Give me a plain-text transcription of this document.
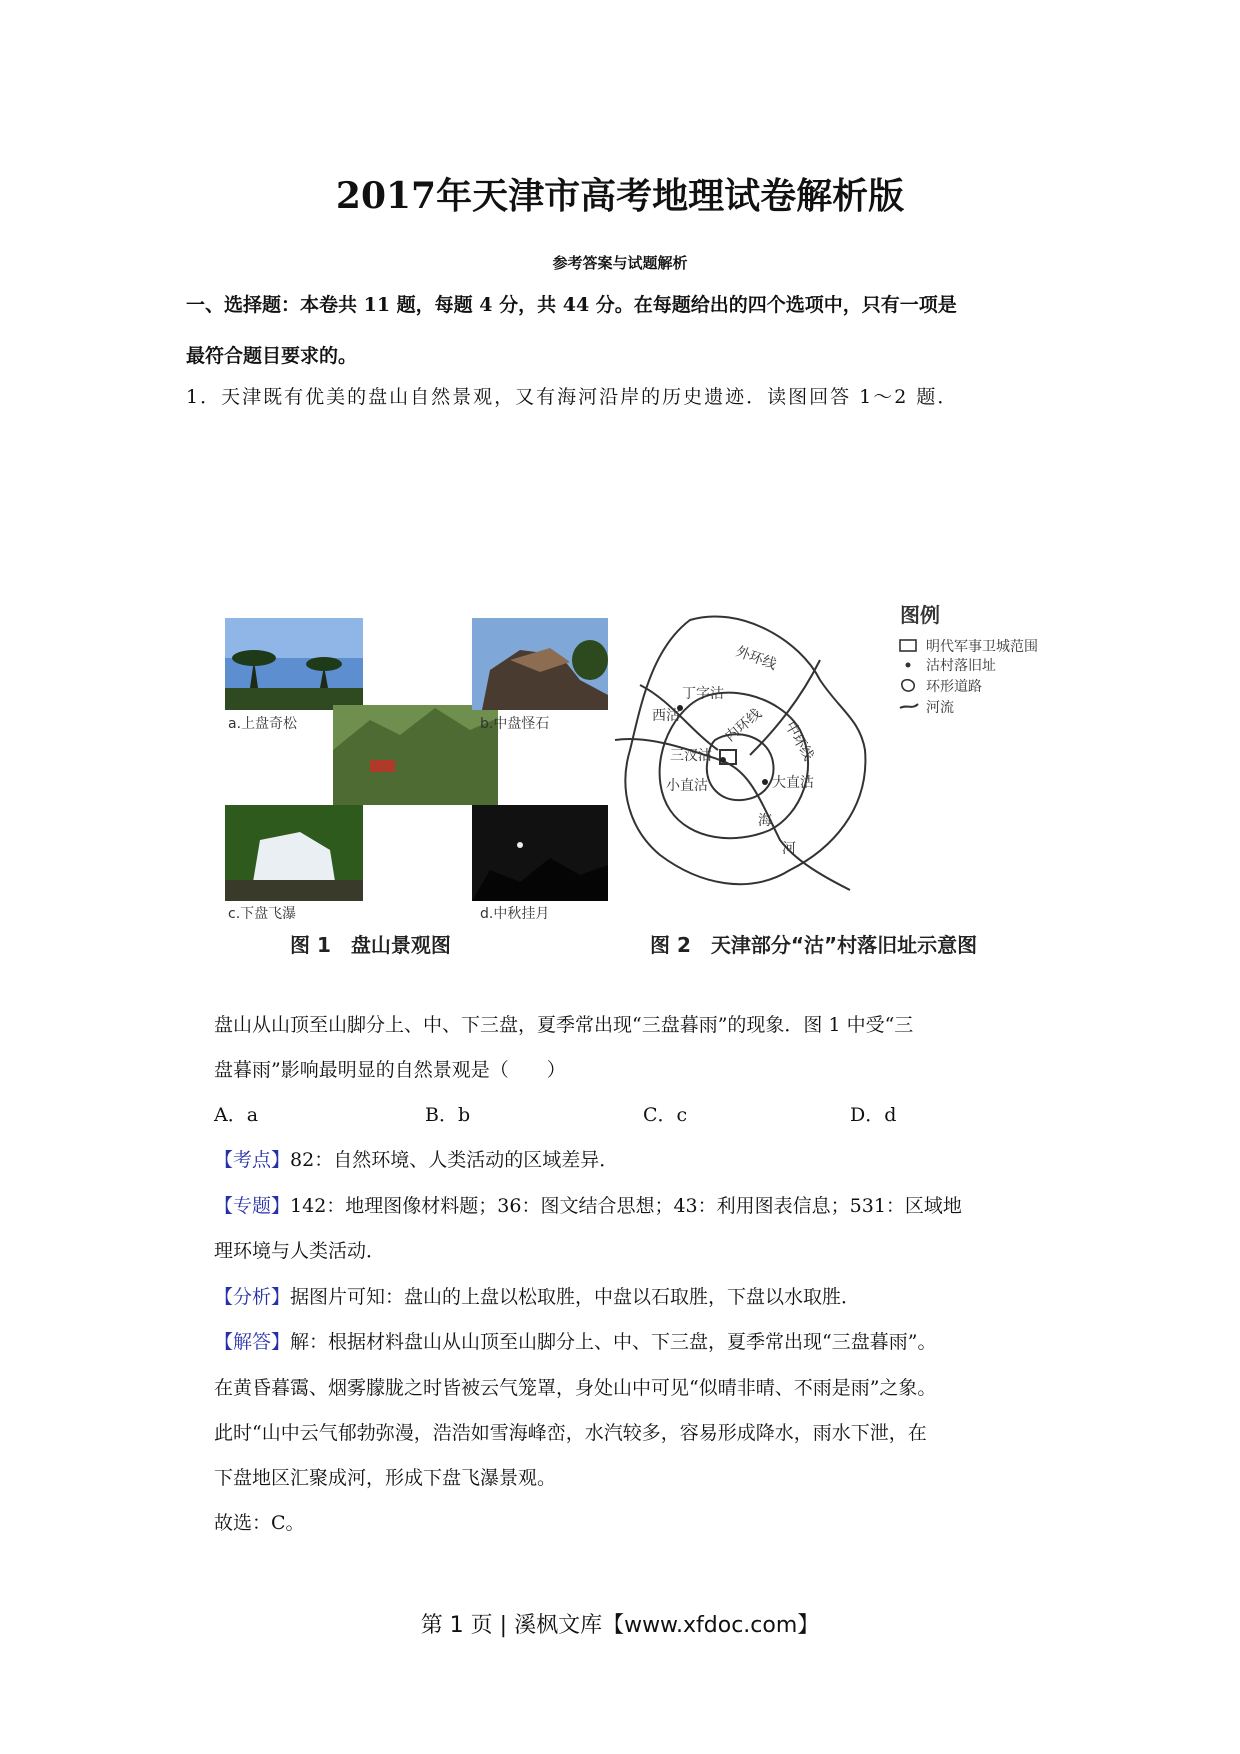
2017年天津市高考地理试卷解析版
参考答案与试题解析
一、选择题：本卷共 11 题，每题 4 分，共 44 分。在每题给出的四个选项中，只有一项是
最符合题目要求的。
1．天津既有优美的盘山自然景观，又有海河沿岸的历史遗迹．读图回答 1～2 题．
a.上盘奇松	b.中盘怪石
c.下盘飞瀑	d.中秋挂月
外环线
中环线
内环线
丁字沽
西沽
三汊沽
小直沽	大直沽
海
河
图例
明代军事卫城范围
沽村落旧址
环形道路
河流
图 1　盘山景观图	图 2　天津部分“沽”村落旧址示意图
盘山从山顶至山脚分上、中、下三盘，夏季常出现“三盘暮雨”的现象．图 1 中受“三
盘暮雨”影响最明显的自然景观是（　　）
A．a	B．b	C．c	D．d
【考点】82：自然环境、人类活动的区域差异．
【专题】142：地理图像材料题；36：图文结合思想；43：利用图表信息；531：区域地
理环境与人类活动．
【分析】据图片可知：盘山的上盘以松取胜，中盘以石取胜，下盘以水取胜．
【解答】解：根据材料盘山从山顶至山脚分上、中、下三盘，夏季常出现“三盘暮雨”。
在黄昏暮霭、烟雾朦胧之时皆被云气笼罩，身处山中可见“似晴非晴、不雨是雨”之象。
此时“山中云气郁勃弥漫，浩浩如雪海峰峦，水汽较多，容易形成降水，雨水下泄，在
下盘地区汇聚成河，形成下盘飞瀑景观。
故选：C。
第 1 页 | 溪枫文库【www.xfdoc.com】
